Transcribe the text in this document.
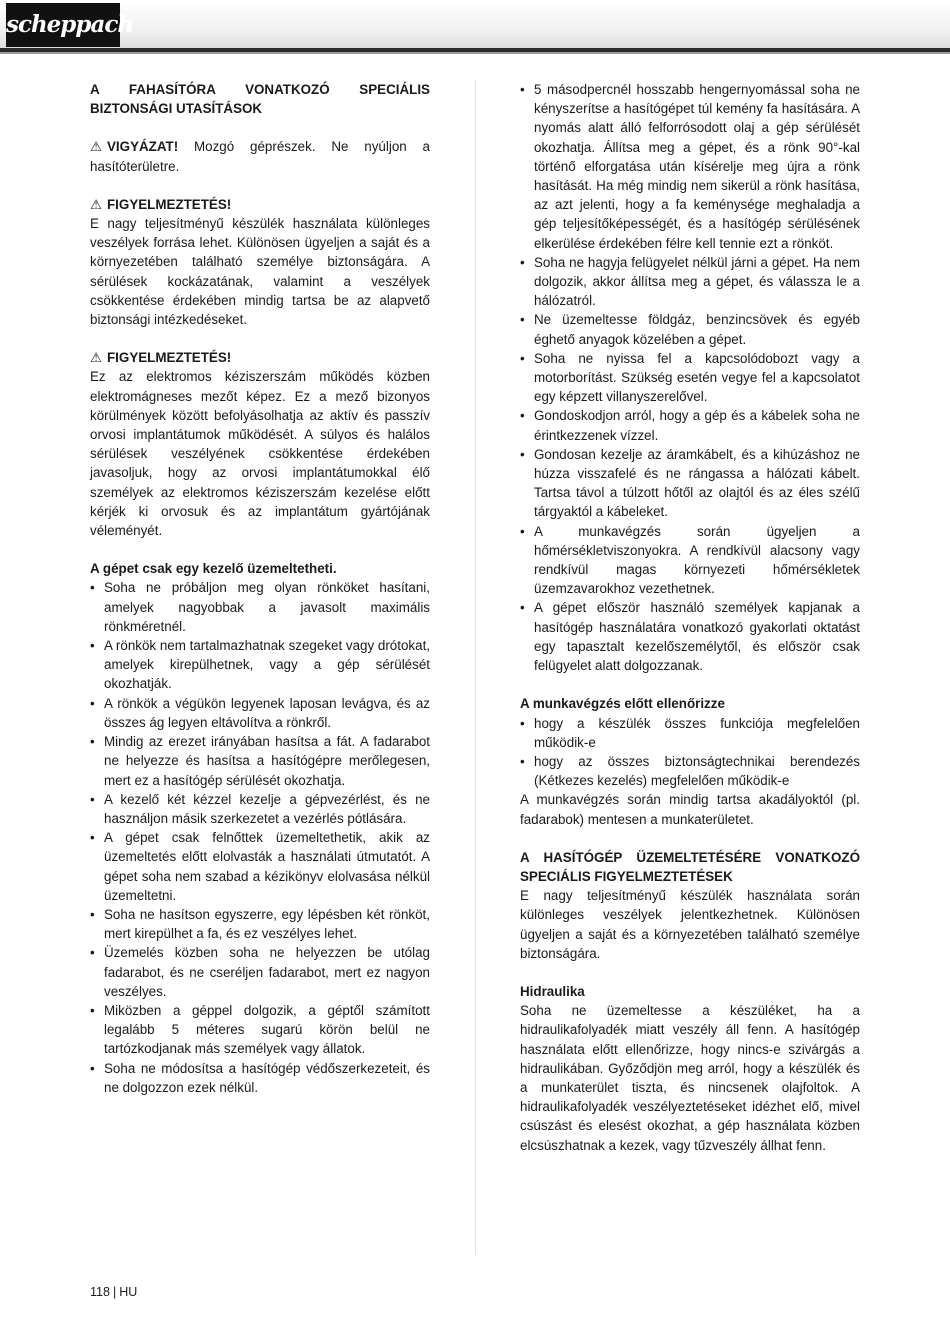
scheppach

A FAHASÍTÓRA VONATKOZÓ SPECIÁLIS BIZTONSÁGI UTASÍTÁSOK

⚠ VIGYÁZAT! Mozgó géprészek. Ne nyúljon a hasítóterületre.

⚠ FIGYELMEZTETÉS!

E nagy teljesítményű készülék használata különleges veszélyek forrása lehet. Különösen ügyeljen a saját és a környezetében található személye biztonságára. A sérülések kockázatának, valamint a veszélyek csökkentése érdekében mindig tartsa be az alapvető biztonsági intézkedéseket.

⚠ FIGYELMEZTETÉS!

Ez az elektromos kéziszerszám működés közben elektromágneses mezőt képez. Ez a mező bizonyos körülmények között befolyásolhatja az aktív és passzív orvosi implantátumok működését. A súlyos és halálos sérülések veszélyének csökkentése érdekében javasoljuk, hogy az orvosi implantátumokkal élő személyek az elektromos kéziszerszám kezelése előtt kérjék ki orvosuk és az implantátum gyártójának véleményét.

A gépet csak egy kezelő üzemeltetheti.

• Soha ne próbáljon meg olyan rönköket hasítani, amelyek nagyobbak a javasolt maximális rönkméretnél.
• A rönkök nem tartalmazhatnak szegeket vagy drótokat, amelyek kirepülhetnek, vagy a gép sérülését okozhatják.
• A rönkök a végükön legyenek laposan levágva, és az összes ág legyen eltávolítva a rönkről.
• Mindig az erezet irányában hasítsa a fát. A fadarabot ne helyezze és hasítsa a hasítógépre merőlegesen, mert ez a hasítógép sérülését okozhatja.
• A kezelő két kézzel kezelje a gépvezérlést, és ne használjon másik szerkezetet a vezérlés pótlására.
• A gépet csak felnőttek üzemeltethetik, akik az üzemeltetés előtt elolvasták a használati útmutatót. A gépet soha nem szabad a kézikönyv elolvasása nélkül üzemeltetni.
• Soha ne hasítson egyszerre, egy lépésben két rönköt, mert kirepülhet a fa, és ez veszélyes lehet.
• Üzemelés közben soha ne helyezzen be utólag fadarabot, és ne cseréljen fadarabot, mert ez nagyon veszélyes.
• Miközben a géppel dolgozik, a géptől számított legalább 5 méteres sugarú körön belül ne tartózkodjanak más személyek vagy állatok.
• Soha ne módosítsa a hasítógép védőszerkezeteit, és ne dolgozzon ezek nélkül.
• 5 másodpercnél hosszabb hengernyomással soha ne kényszerítse a hasítógépet túl kemény fa hasítására. A nyomás alatt álló felforrósodott olaj a gép sérülését okozhatja. Állítsa meg a gépet, és a rönk 90°-kal történő elforgatása után kísérelje meg újra a rönk hasítását. Ha még mindig nem sikerül a rönk hasítása, az azt jelenti, hogy a fa keménysége meghaladja a gép teljesítőképességét, és a hasítógép sérülésének elkerülése érdekében félre kell tennie ezt a rönköt.
• Soha ne hagyja felügyelet nélkül járni a gépet. Ha nem dolgozik, akkor állítsa meg a gépet, és válassza le a hálózatról.
• Ne üzemeltesse földgáz, benzincsövek és egyéb éghető anyagok közelében a gépet.
• Soha ne nyissa fel a kapcsolódobozt vagy a motorborítást. Szükség esetén vegye fel a kapcsolatot egy képzett villanyszerelővel.
• Gondoskodjon arról, hogy a gép és a kábelek soha ne érintkezzenek vízzel.
• Gondosan kezelje az áramkábelt, és a kihúzáshoz ne húzza visszafelé és ne rángassa a hálózati kábelt. Tartsa távol a túlzott hőtől az olajtól és az éles szélű tárgyaktól a kábeleket.
• A munkavégzés során ügyeljen a hőmérsékletviszonyokra. A rendkívül alacsony vagy rendkívül magas környezeti hőmérsékletek üzemzavarokhoz vezethetnek.
• A gépet először használó személyek kapjanak a hasítógép használatára vonatkozó gyakorlati oktatást egy tapasztalt kezelőszemélytől, és először csak felügyelet alatt dolgozzanak.

A munkavégzés előtt ellenőrizze

• hogy a készülék összes funkciója megfelelően működik-e
• hogy az összes biztonságtechnikai berendezés (Kétkezes kezelés) megfelelően működik-e

A munkavégzés során mindig tartsa akadályoktól (pl. fadarabok) mentesen a munkaterületet.

A HASÍTÓGÉP ÜZEMELTETÉSÉRE VONATKOZÓ SPECIÁLIS FIGYELMEZTETÉSEK

E nagy teljesítményű készülék használata során különleges veszélyek jelentkezhetnek. Különösen ügyeljen a saját és a környezetében található személye biztonságára.

Hidraulika

Soha ne üzemeltesse a készüléket, ha a hidraulikafolyadék miatt veszély áll fenn. A hasítógép használata előtt ellenőrizze, hogy nincs-e szivárgás a hidraulikában. Győződjön meg arról, hogy a készülék és a munkaterület tiszta, és nincsenek olajfoltok. A hidraulikafolyadék veszélyeztetéseket idézhet elő, mivel csúszást és elesést okozhat, a gép használata közben elcsúszhatnak a kezek, vagy tűzveszély állhat fenn.

118 | HU
